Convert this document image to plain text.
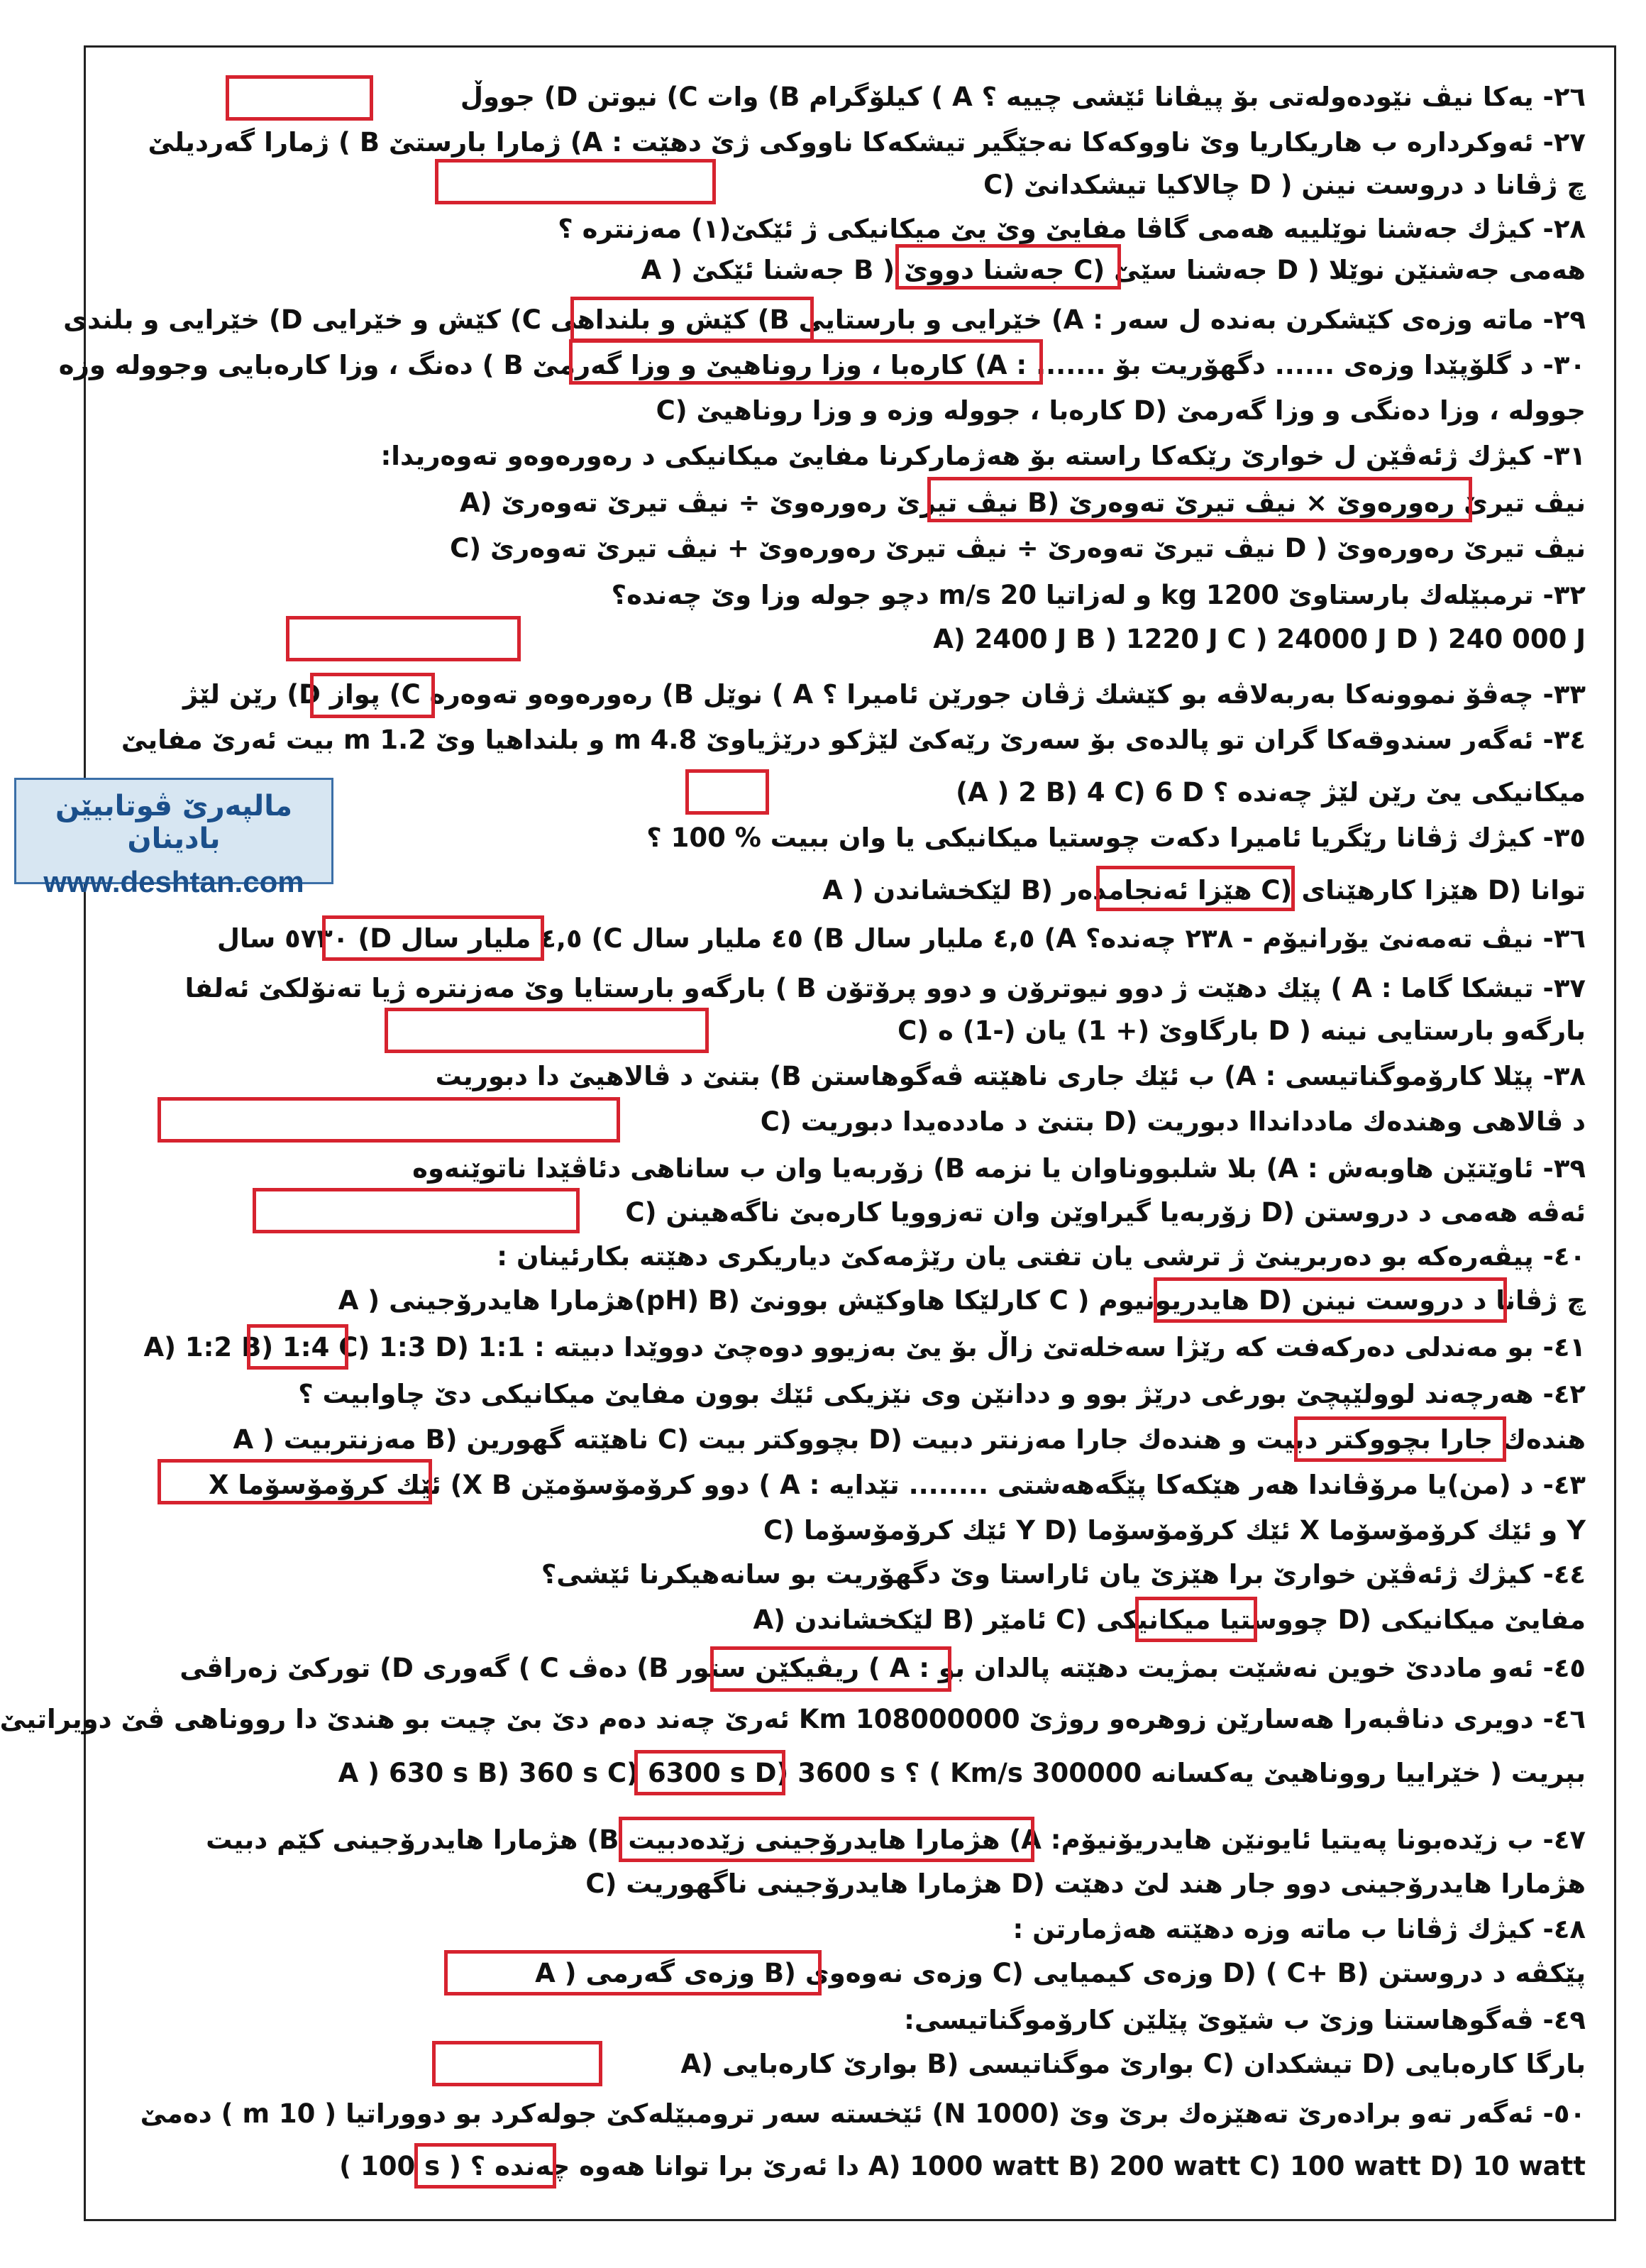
٢٦- يەكا نيڤ نێودەولەتى بۆ پيڤانا ئێشى چييە ؟ A ) كيلۆگرام B) وات C) نيوتن D) جووڵ
٢٧- ئەوكرداره ب هاريكاريا وێ ناووكەكا نەجێگير تيشكەكا ناووكی ژێ دهێت : A) ژمارا بارستێ B ) ژمارا گەرديلێ
C) چالاكيا تيشكدانێ D ) چ ژڤانا د دروست نينن
٢٨- كيژك جەشنا نوێلييە هەمی گاڤا مفایێ وێ یێ ميكانيكى ژ ئێكێ(١) مەزنترە ؟
A ) جەشنا ئێكێ B ) جەشنا دووێ C) جەشنا سێێ D ) هەمى جەشنێن نوێلا
٢٩- ماته وزەى كێشكرن بەنده ل سەر : A) خێرايى و بارستايى B) كێش و بلنداهى C) كێش و خێرايى D) خێرايى و بلندى
٣٠- د گلۆپێدا وزەی ...... دگهۆريت بۆ ....... : A) كارەبا ، وزا روناهيێ و وزا گەرمێ B ) دەنگ ، وزا كارەبايى وجوولە وزە
C) كارەبا ، جوولە وزە و وزا روناهيێ D) جوولە ، وزا دەنگى و وزا گەرمێ
٣١- كيژك ژئەڤێن ل خوارێ رێكەكا راستە بۆ هەژماركرنا مفايێ ميكانيكى د رەورەوەو تەوەريدا:
A) نيڤ تيرێ رەورەوێ ÷ نيڤ تيرێ تەوەرێ B) نيڤ تيرێ رەورەوێ × نيڤ تيرێ تەوەرێ
C) نيڤ تيرێ تەوەرێ ÷ نيڤ تيرێ رەورەوێ + نيڤ تيرێ تەوەرێ D ) نيڤ تيرێ رەورەوێ
٣٢- ترمبێلەك بارستاوێ 1200 kg و لەزاتيا 20 m/s دچو جولە وزا وێ چەندە؟
A) 2400 J B ) 1220 J C ) 24000 J D ) 240 000 J
٣٣- چەڤۆ نموونەكا بەربەلاڤە بو كێشك ژڤان جورێن ئاميرا ؟ A ) نوێل B) رەورەوەو تەوەرە C) پواز D) رێن لێژ
٣٤- ئەگەر سندوقەكا گران تو پالدەى بۆ سەرێ رێەكێ لێژكو درێژياوێ 4.8 m و بلنداهيا وێ 1.2 m بيت ئەرێ مفايێ
ميكانيكى يێ رێن لێژ چەندە ؟ A ) 2 B) 4 C) 6 D)
٣٥- كيژك ژڤانا رێگريا ئاميرا دكەت چوستيا ميكانيكى يا وان ببيت % 100 ؟
A ) لێكخشاندن B) هێزا ئەنجامدەر C) هێزا كارهێناى D) توانا
٣٦- نيڤ تەمەنێ يۆرانيۆم - ٢٣٨ چەندە؟ A) ٤,٥ مليار سال B) ٤٥ مليار سال C) ٤,٥ مليار سال D) ٥٧٣٠ سال
٣٧- تيشكا گاما : A ) پێك دهێت ژ دوو نيوترۆن و دوو پرۆتۆن B ) بارگەو بارستايا وێ مەزنترە ژيا تەنۆلكێ ئەلفا
C) بارگاوێ (+ 1) يان (-1) ە D ) بارگەو بارستايى نينە
٣٨- پێلا كارۆموگناتيسى : A) ب ئێك جارى ناهێتە ڤەگوهاستن B) بتنێ د ڤالاهيێ دا دبوريت
C) بتنێ د ماددەيدا دبوريت D) د ڤالاهى وهندەك ماددانداا دبوريت
٣٩- ئاوێتێن هاوبەش : A) بلا شلبووناوان يا نزمە B) زۆربەيا وان ب ساناهى دئاڤێدا ناتوێنەوە
C) زۆربەيا گيراوێن وان تەزوويا كارەبێ ناگەهينن D) ئەڤە هەمی د دروستن
٤٠- پيڤەرەكە بو دەربرينێ ژ ترشى يان تفتى يان رێژمەكێ دياريكرى دهێتە بكارئينان :
A ) هژمارا هايدرۆجينی(pH) B) كارلێكا هاوكێش بوونێ C ) هايدريونيوم D) چ ژڤانا د دروست نينن
٤١- بو مەندلى دەركەفت كە رێژا سەخلەتێ زاڵ بۆ يێ بەزيوو دوەچێ دووێدا دبيتە : A) 1:2 B) 1:4 C) 1:3 D) 1:1
٤٢- هەرچەند لوولێپچێ بورغى درێژ بوو و ددانێن وى نێزيكى ئێك بوون مفايێ ميكانيكى دێ چاوابيت ؟
A ) مەزنتربيت B) ناهێتە گهورين C) بچووكتر بيت D) هندەك جارا بچووكتر دبيت و هندەك جارا مەزنتر دبيت
٤٣- د (من)يا مرۆڤاندا هەر هێكەكا پێگەهەشتى ........ تێدايە : A ) دوو كرۆمۆسۆمێن X B) ئێك كرۆمۆسۆما X
C) ئێك كرۆمۆسۆما Y D) ئێك كرۆمۆسۆما X و ئێك كرۆمۆسۆما Y
٤٤- كيژك ژئەڤێن خوارێ برا هێزێ يان ئاراستا وێ دگهۆريت بو سانەهيكرنا ئێشى؟
A) لێكخشاندن B) ئامێر C) چووستيا ميكانيكى D) مفايێ ميكانيكى
٤٥- ئەو ماددێ خوين نەشێت بمژيت دهێتە پالدان بو : A ) ريڤيكێن ستور B) دەڤ C ) گەورى D) توركێ زەراڤى
٤٦- دويرى دناڤبەرا هەسارێن زوهرەو روژێ 108000000 Km ئەرێ چەند دەم دێ بێ چيت بو هندێ دا رووناهى ڤێ دويراتيێ
بېريت ( خێراييا رووناهيێ يەكسانە 300000 Km/s ) ؟ A ) 630 s B) 360 s C) 6300 s D) 3600 s
٤٧- ب زێدەبونا پەيتيا ئايونێن هايدريۆنيۆم: A) هژمارا هايدرۆجينی زێدەدبيت B) هژمارا هايدرۆجينی كێم دبيت
C) هژمارا هايدرۆجينی ناگهوريت D) هژمارا هايدرۆجينی دوو جار هند لێ دهێت
٤٨- كيژك ژڤانا ب ماته وزە دهێتە هەژمارتن :
A ) وزەى گەرمى B) وزەى نەوەوى C) وزەى كيميايى D) ( C+ B) پێكڤە د دروستن
٤٩- ڤەگوهاستنا وزێ ب شێوێ پێلێن كارۆموگناتيسى:
A) بوارێ كارەبايى B) بوارێ موگناتيسى C) تيشكدان D) بارگا كارەبايى
٥٠- ئەگەر تەو برادەرێ تەهێزەك برێ وێ (N 1000) ئێخستە سەر ترومبێلەكێ جولەكرد بو دووراتيا ( 10 m ) دەمێ
( 100 s ) دا ئەرێ برا توانا هەوە چەندە ؟ A) 1000 watt B) 200 watt C) 100 watt D) 10 watt
مالپەرێ ڤوتابيێن بادينان
www.deshtan.com
